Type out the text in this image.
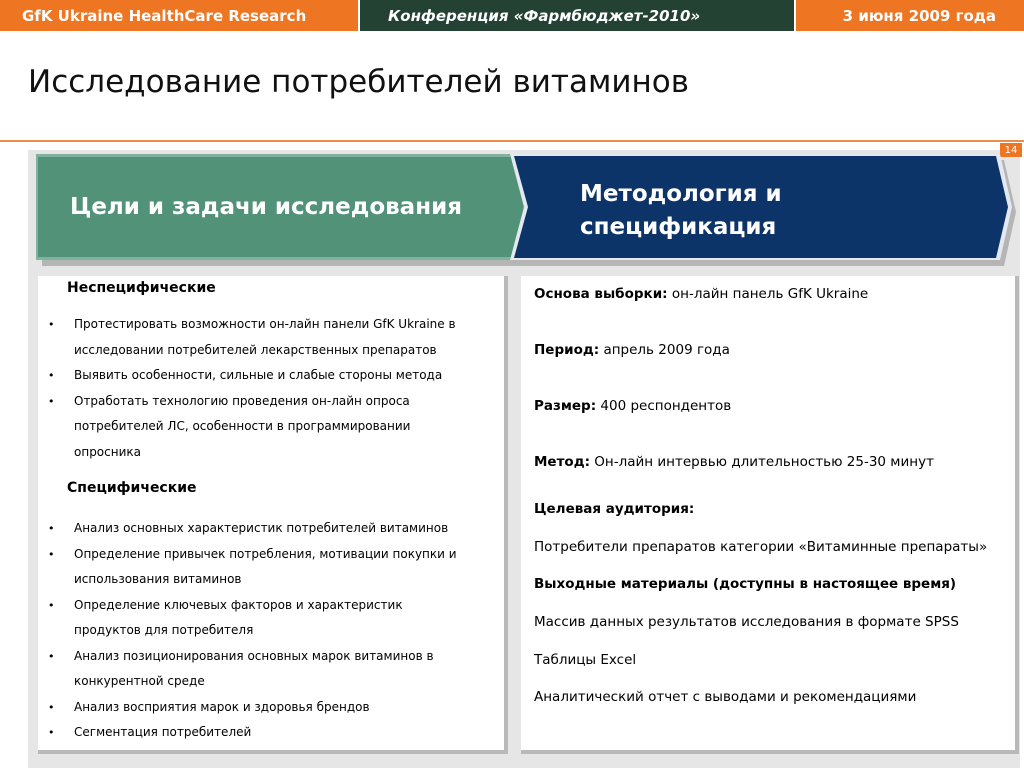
GfK Ukraine HealthCare Research	Конференция «Фармбюджет-2010»	3 июня 2009 года
Исследование потребителей витаминов
14
Цели и задачи исследования	Методология и
спецификация
Неспецифические
• Протестировать возможности он-лайн панели GfK Ukraine в исследовании потребителей лекарственных препаратов
• Выявить особенности, сильные и слабые стороны метода
• Отработать технологию проведения он-лайн опроса потребителей ЛС, особенности в программировании опросника
Специфические
• Анализ основных характеристик потребителей витаминов
• Определение привычек потребления, мотивации покупки и использования витаминов
• Определение ключевых факторов и характеристик продуктов для потребителя
• Анализ позиционирования основных марок витаминов в конкурентной среде
• Анализ восприятия марок и здоровья брендов
• Сегментация потребителей
Основа выборки: он-лайн панель GfK Ukraine
Период: апрель 2009 года
Размер: 400 респондентов
Метод: Он-лайн интервью длительностью 25-30 минут
Целевая аудитория:
Потребители препаратов категории «Витаминные препараты»
Выходные материалы (доступны в настоящее время)
Массив данных результатов исследования в формате SPSS
Таблицы Excel
Аналитический отчет с выводами и рекомендациями
